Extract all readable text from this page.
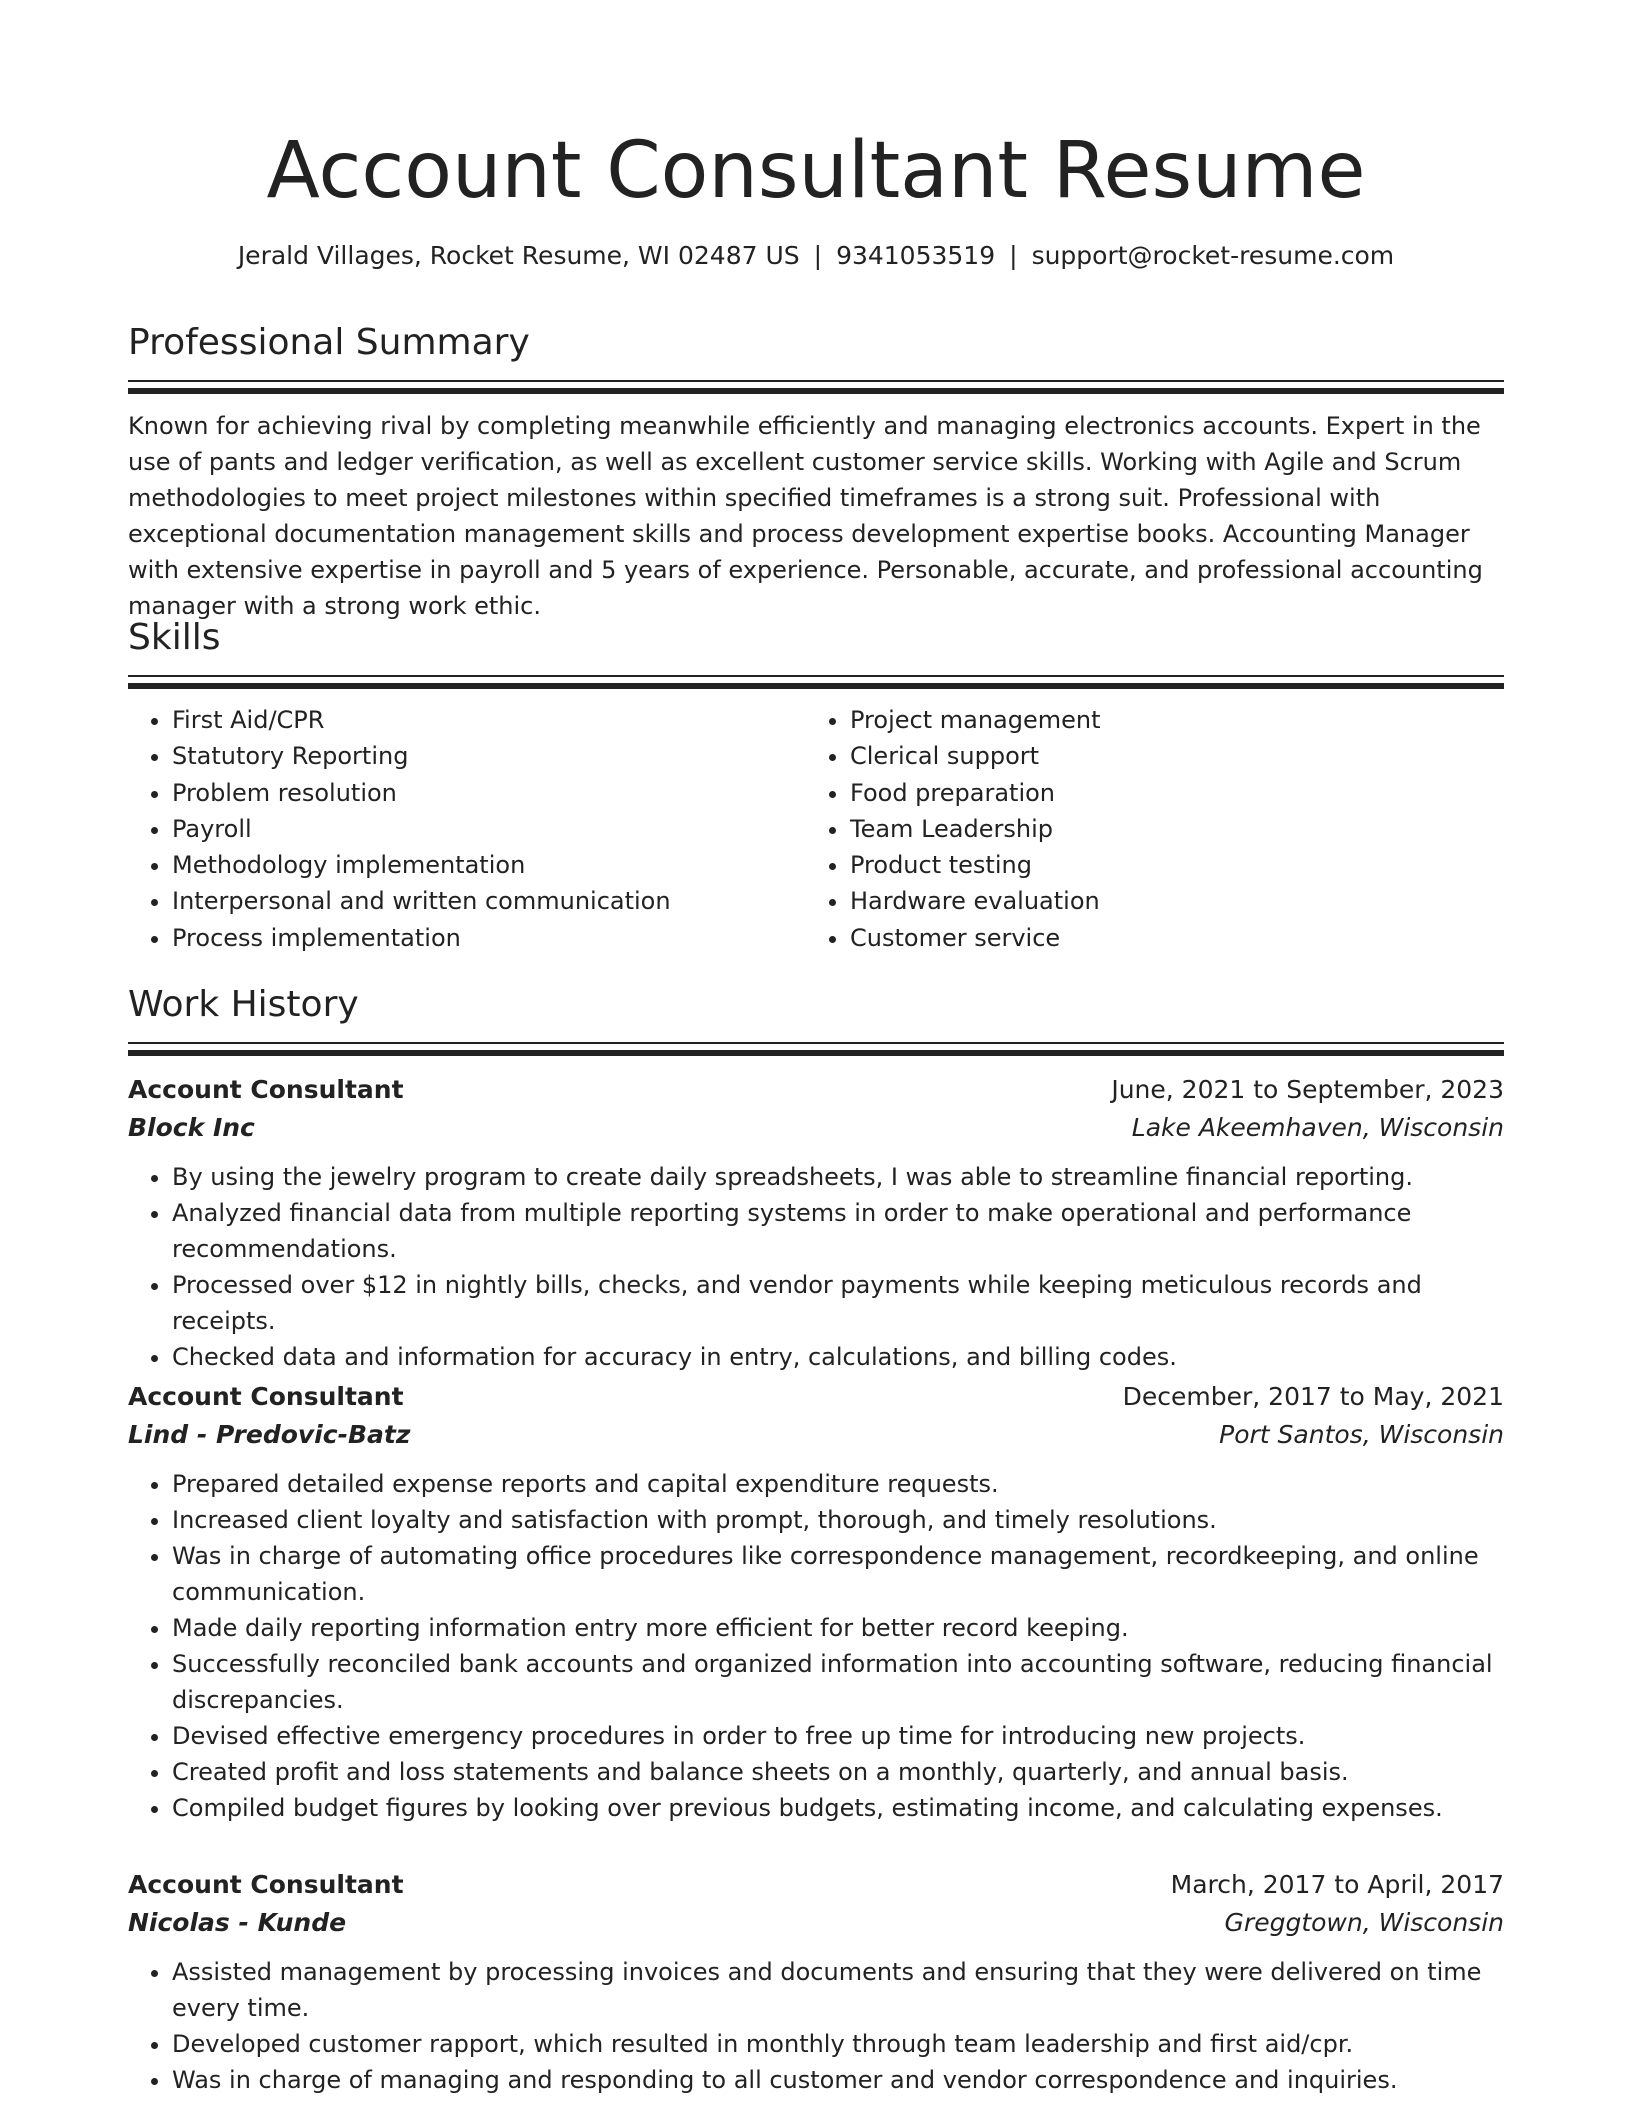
Account Consultant Resume
Jerald Villages, Rocket Resume, WI 02487 US | 9341053519 | support@rocket-resume.com
Professional Summary

Known for achieving rival by completing meanwhile efficiently and managing electronics accounts. Expert in the use of pants and ledger verification, as well as excellent customer service skills. Working with Agile and Scrum methodologies to meet project milestones within specified timeframes is a strong suit. Professional with exceptional documentation management skills and process development expertise books. Accounting Manager with extensive expertise in payroll and 5 years of experience. Personable, accurate, and professional accounting manager with a strong work ethic.

Skills
• First Aid/CPR
• Statutory Reporting
• Problem resolution
• Payroll
• Methodology implementation
• Interpersonal and written communication
• Process implementation
• Project management
• Clerical support
• Food preparation
• Team Leadership
• Product testing
• Hardware evaluation
• Customer service
Work History
Account Consultant	June, 2021 to September, 2023
Block Inc	Lake Akeemhaven, Wisconsin
• By using the jewelry program to create daily spreadsheets, I was able to streamline financial reporting.
• Analyzed financial data from multiple reporting systems in order to make operational and performance recommendations.
• Processed over $12 in nightly bills, checks, and vendor payments while keeping meticulous records and receipts.
• Checked data and information for accuracy in entry, calculations, and billing codes.
Account Consultant	December, 2017 to May, 2021
Lind - Predovic-Batz	Port Santos, Wisconsin
• Prepared detailed expense reports and capital expenditure requests.
• Increased client loyalty and satisfaction with prompt, thorough, and timely resolutions.
• Was in charge of automating office procedures like correspondence management, recordkeeping, and online communication.
• Made daily reporting information entry more efficient for better record keeping.
• Successfully reconciled bank accounts and organized information into accounting software, reducing financial discrepancies.
• Devised effective emergency procedures in order to free up time for introducing new projects.
• Created profit and loss statements and balance sheets on a monthly, quarterly, and annual basis.
• Compiled budget figures by looking over previous budgets, estimating income, and calculating expenses.
Account Consultant	March, 2017 to April, 2017
Nicolas - Kunde	Greggtown, Wisconsin
• Assisted management by processing invoices and documents and ensuring that they were delivered on time every time.
• Developed customer rapport, which resulted in monthly through team leadership and first aid/cpr.
• Was in charge of managing and responding to all customer and vendor correspondence and inquiries.
